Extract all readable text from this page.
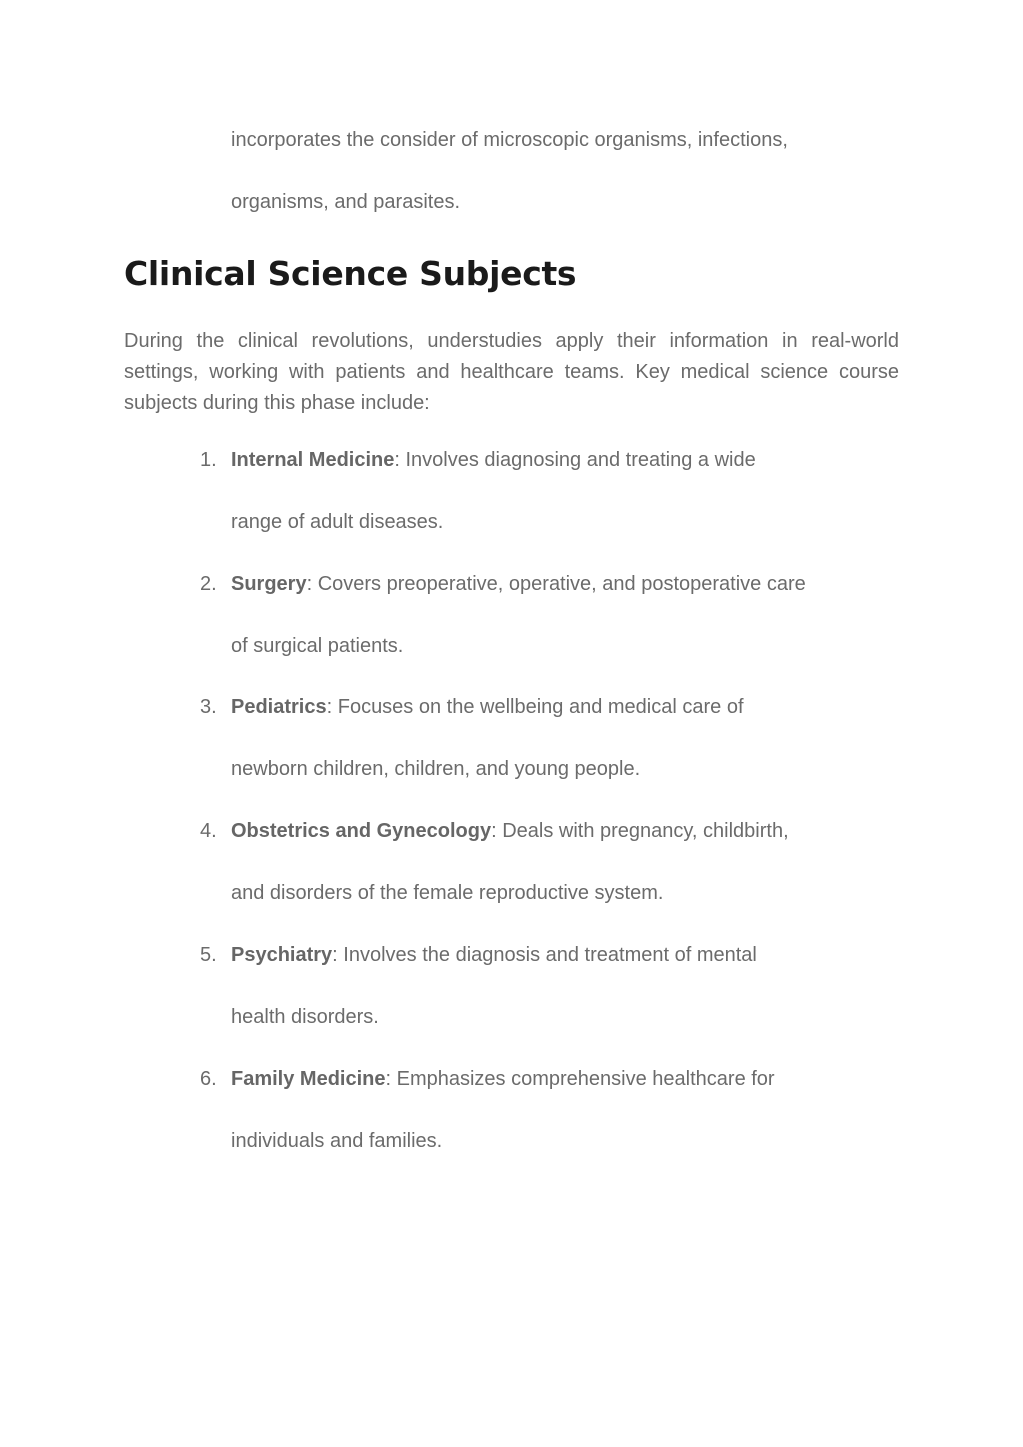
incorporates the consider of microscopic organisms, infections,
organisms, and parasites.
Clinical Science Subjects

During the clinical revolutions, understudies apply their information in real-world settings, working with patients and healthcare teams. Key medical science course subjects during this phase include:

1. Internal Medicine: Involves diagnosing and treating a wide
range of adult diseases.
2. Surgery: Covers preoperative, operative, and postoperative care
of surgical patients.
3. Pediatrics: Focuses on the wellbeing and medical care of
newborn children, children, and young people.
4. Obstetrics and Gynecology: Deals with pregnancy, childbirth,
and disorders of the female reproductive system.
5. Psychiatry: Involves the diagnosis and treatment of mental
health disorders.
6. Family Medicine: Emphasizes comprehensive healthcare for
individuals and families.
